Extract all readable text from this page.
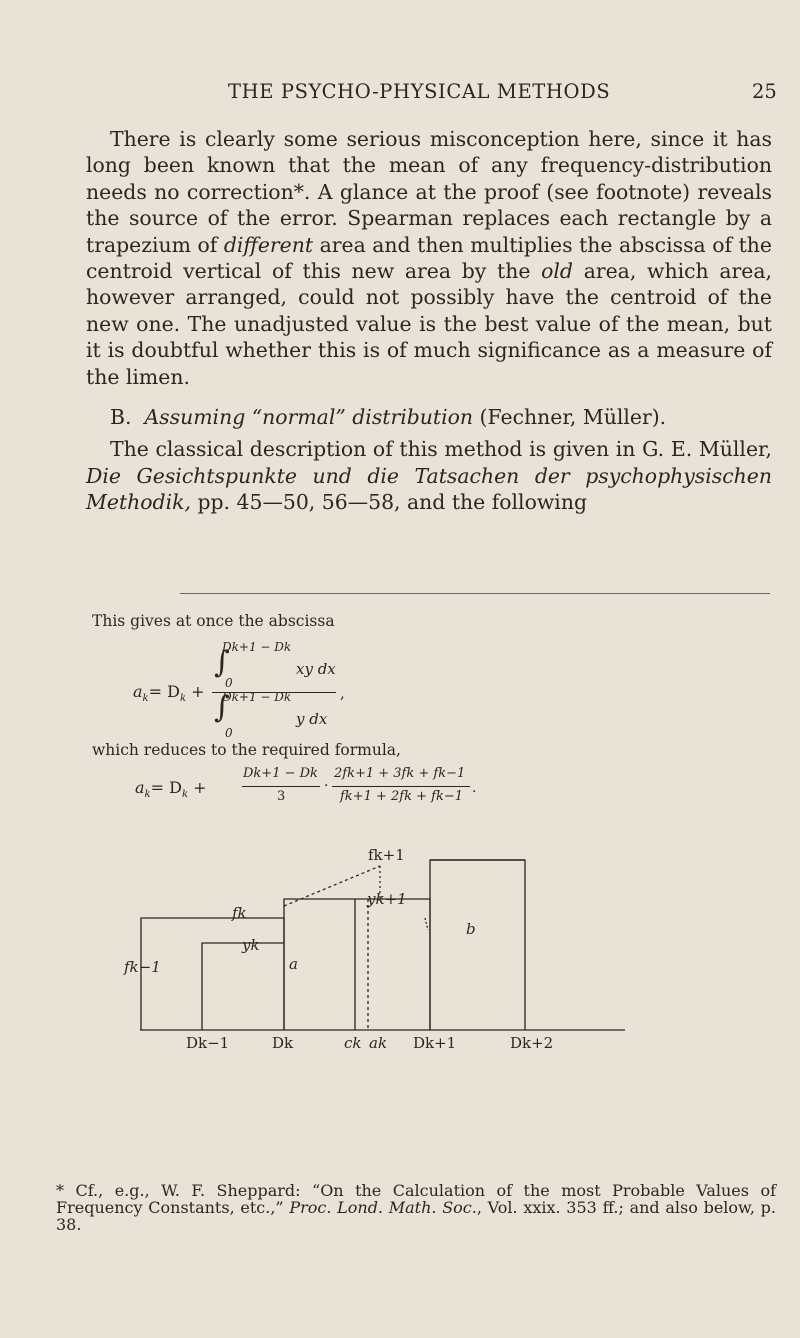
THE PSYCHO-PHYSICAL METHODS	25

There is clearly some serious misconception here, since it has long been known that the mean of any frequency-distribution needs no correction*. A glance at the proof (see footnote) reveals the source of the error. Spearman replaces each rectangle by a trapezium of different area and then multiplies the abscissa of the centroid vertical of this new area by the old area, which area, however arranged, could not possibly have the centroid of the new one. The unadjusted value is the best value of the mean, but it is doubtful whether this is of much significance as a measure of the limen.

B. Assuming “normal” distribution (Fechner, Müller).

The classical description of this method is given in G. E. Müller, Die Gesichtspunkte und die Tatsachen der psychophysischen Methodik, pp. 45—50, 56—58, and the following

This gives at once the abscissa
$a_k= D_k$ +
∫
Dk+1 − Dk
0
xy dx
∫
Dk+1 − Dk
0
y dx
,
which reduces to the required formula,
$a_k= D_k$ +
Dk+1 − Dk
3
·
2fk+1 + 3fk + fk−1
fk+1 + 2fk + fk−1
.
fk+1
yk+1
fk
yk
fk−1	a
b
Dk−1	Dk	ck ak Dk+1	Dk+2
* Cf., e.g., W. F. Sheppard: “On the Calculation of the most Probable Values of Frequency Constants, etc.,” Proc. Lond. Math. Soc., Vol. xxix. 353 ff.; and also below, p. 38.
